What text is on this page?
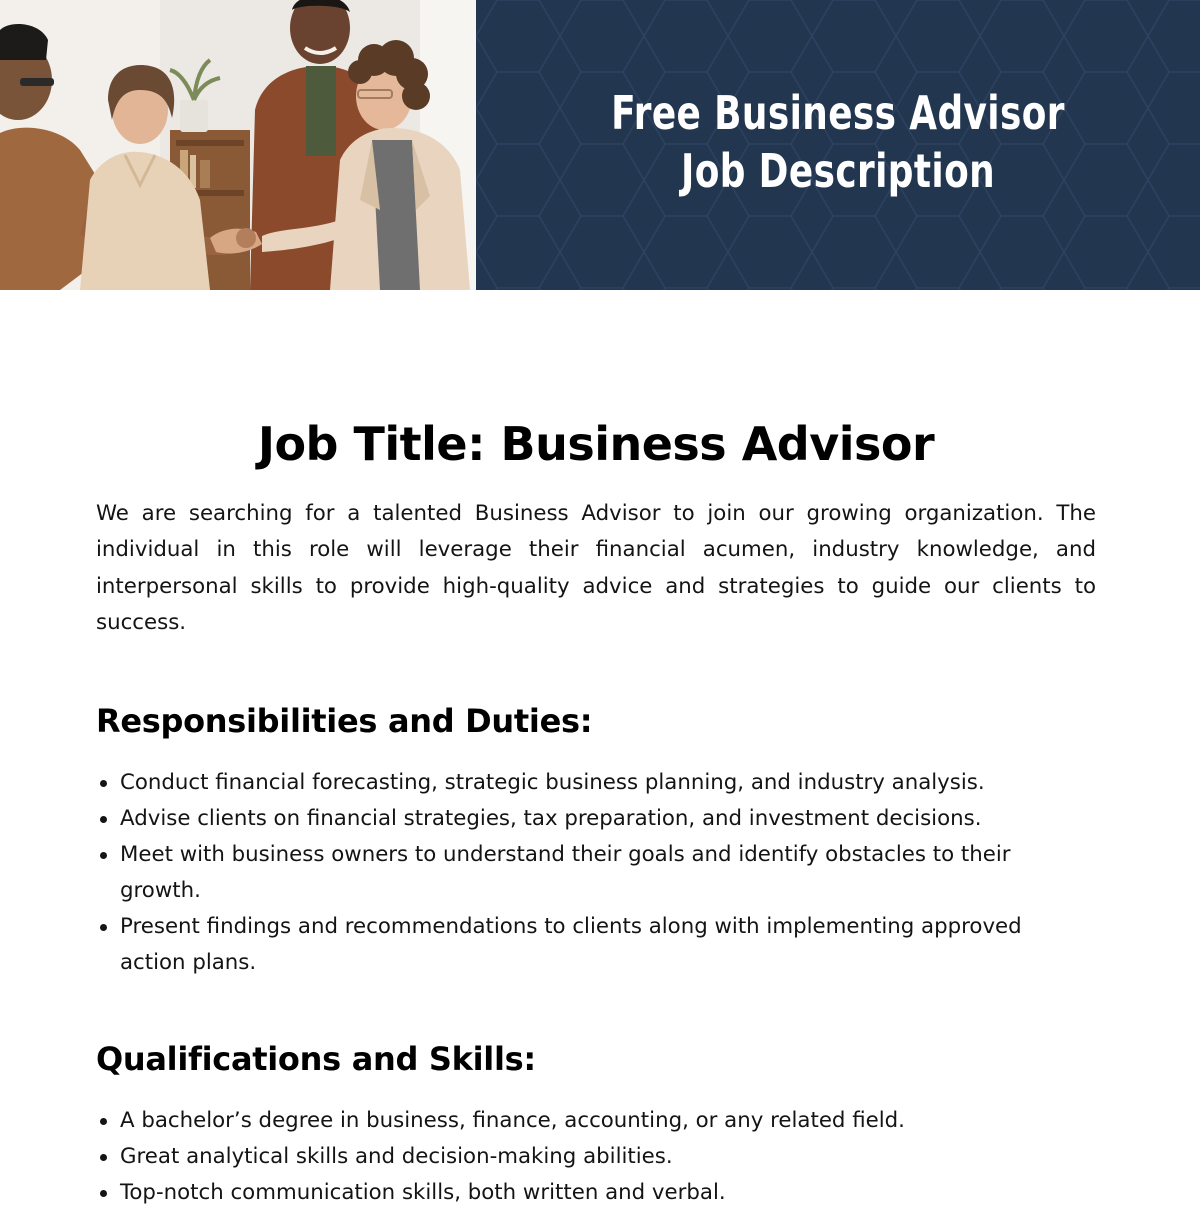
Free Business Advisor
Job Description
Job Title: Business Advisor

We are searching for a talented Business Advisor to join our growing organization. The individual in this role will leverage their financial acumen, industry knowledge, and interpersonal skills to provide high-quality advice and strategies to guide our clients to success.

Responsibilities and Duties:
Conduct financial forecasting, strategic business planning, and industry analysis.
Advise clients on financial strategies, tax preparation, and investment decisions.
Meet with business owners to understand their goals and identify obstacles to their growth.
Present findings and recommendations to clients along with implementing approved action plans.
Qualifications and Skills:
A bachelor’s degree in business, finance, accounting, or any related field.
Great analytical skills and decision-making abilities.
Top-notch communication skills, both written and verbal.
